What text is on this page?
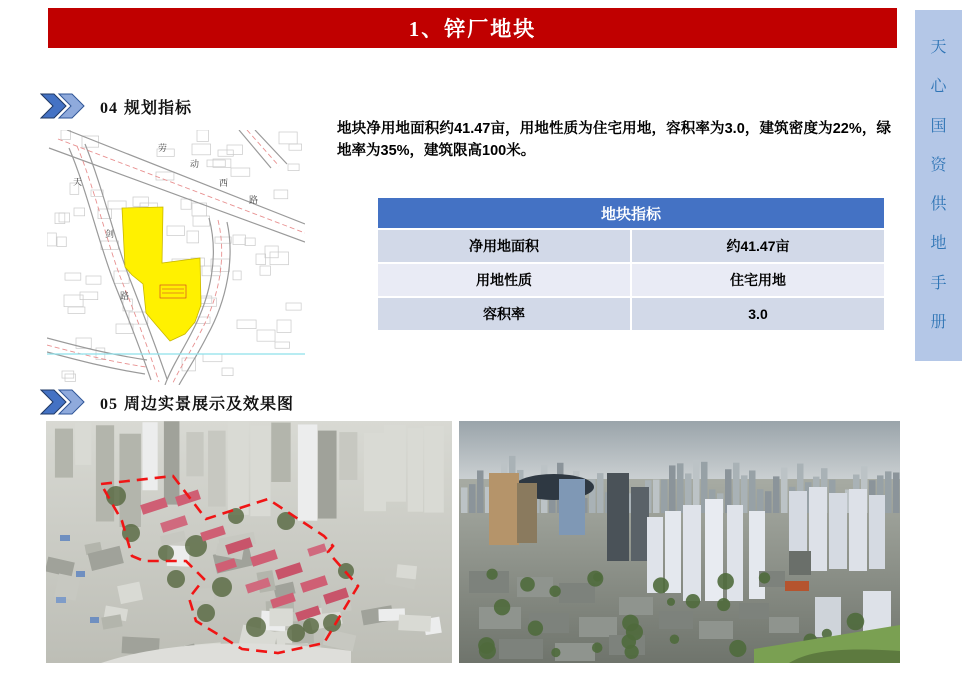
1、锌厂地块
天
心
国
资
供
地
手
册
04 规划指标
劳
动
西
路
天
剑
路
地块净用地面积约41.47亩，用地性质为住宅用地，容积率为3.0，建筑密度为22%，绿地率为35%，建筑限高100米。
地块指标
净用地面积	约41.47亩
用地性质	住宅用地
容积率	3.0
05 周边实景展示及效果图
